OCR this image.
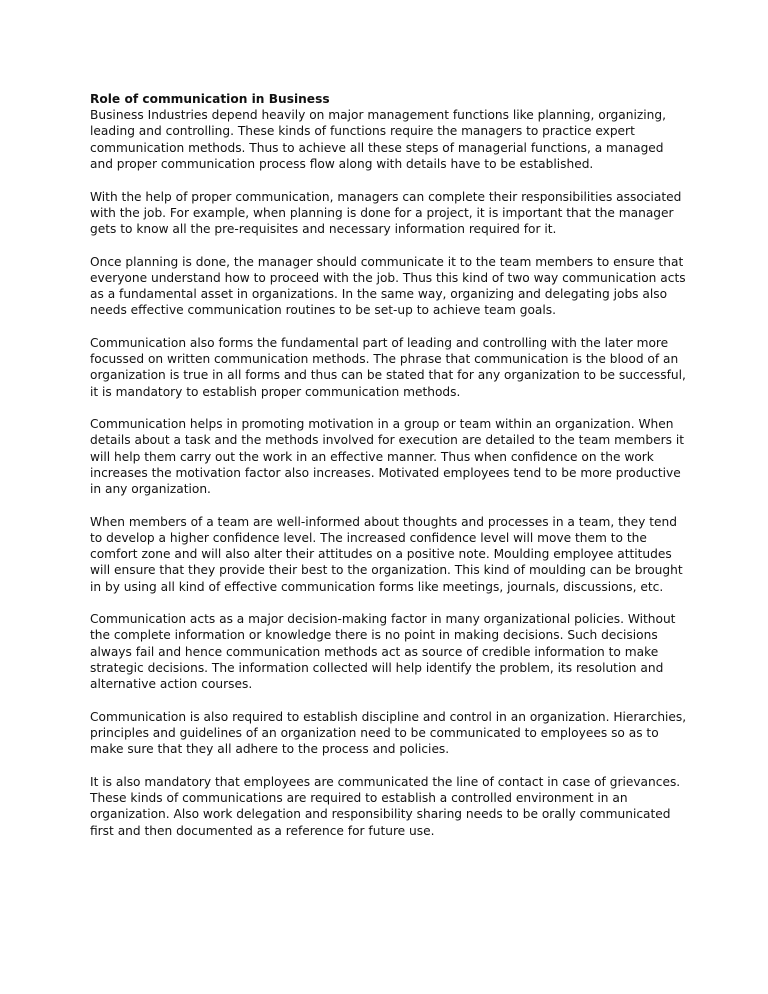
Role of communication in Business

Business Industries depend heavily on major management functions like planning, organizing, leading and controlling. These kinds of functions require the managers to practice expert communication methods. Thus to achieve all these steps of managerial functions, a managed and proper communication process flow along with details have to be established.

With the help of proper communication, managers can complete their responsibilities associated with the job. For example, when planning is done for a project, it is important that the manager gets to know all the pre-requisites and necessary information required for it.

Once planning is done, the manager should communicate it to the team members to ensure that everyone understand how to proceed with the job. Thus this kind of two way communication acts as a fundamental asset in organizations. In the same way, organizing and delegating jobs also needs effective communication routines to be set-up to achieve team goals.

Communication also forms the fundamental part of leading and controlling with the later more focussed on written communication methods. The phrase that communication is the blood of an organization is true in all forms and thus can be stated that for any organization to be successful, it is mandatory to establish proper communication methods.

Communication helps in promoting motivation in a group or team within an organization. When details about a task and the methods involved for execution are detailed to the team members it will help them carry out the work in an effective manner. Thus when confidence on the work increases the motivation factor also increases. Motivated employees tend to be more productive in any organization.

When members of a team are well-informed about thoughts and processes in a team, they tend to develop a higher confidence level. The increased confidence level will move them to the comfort zone and will also alter their attitudes on a positive note. Moulding employee attitudes will ensure that they provide their best to the organization. This kind of moulding can be brought in by using all kind of effective communication forms like meetings, journals, discussions, etc.

Communication acts as a major decision-making factor in many organizational policies. Without the complete information or knowledge there is no point in making decisions. Such decisions always fail and hence communication methods act as source of credible information to make strategic decisions. The information collected will help identify the problem, its resolution and alternative action courses.

Communication is also required to establish discipline and control in an organization. Hierarchies, principles and guidelines of an organization need to be communicated to employees so as to make sure that they all adhere to the process and policies.

It is also mandatory that employees are communicated the line of contact in case of grievances. These kinds of communications are required to establish a controlled environment in an organization. Also work delegation and responsibility sharing needs to be orally communicated first and then documented as a reference for future use.
